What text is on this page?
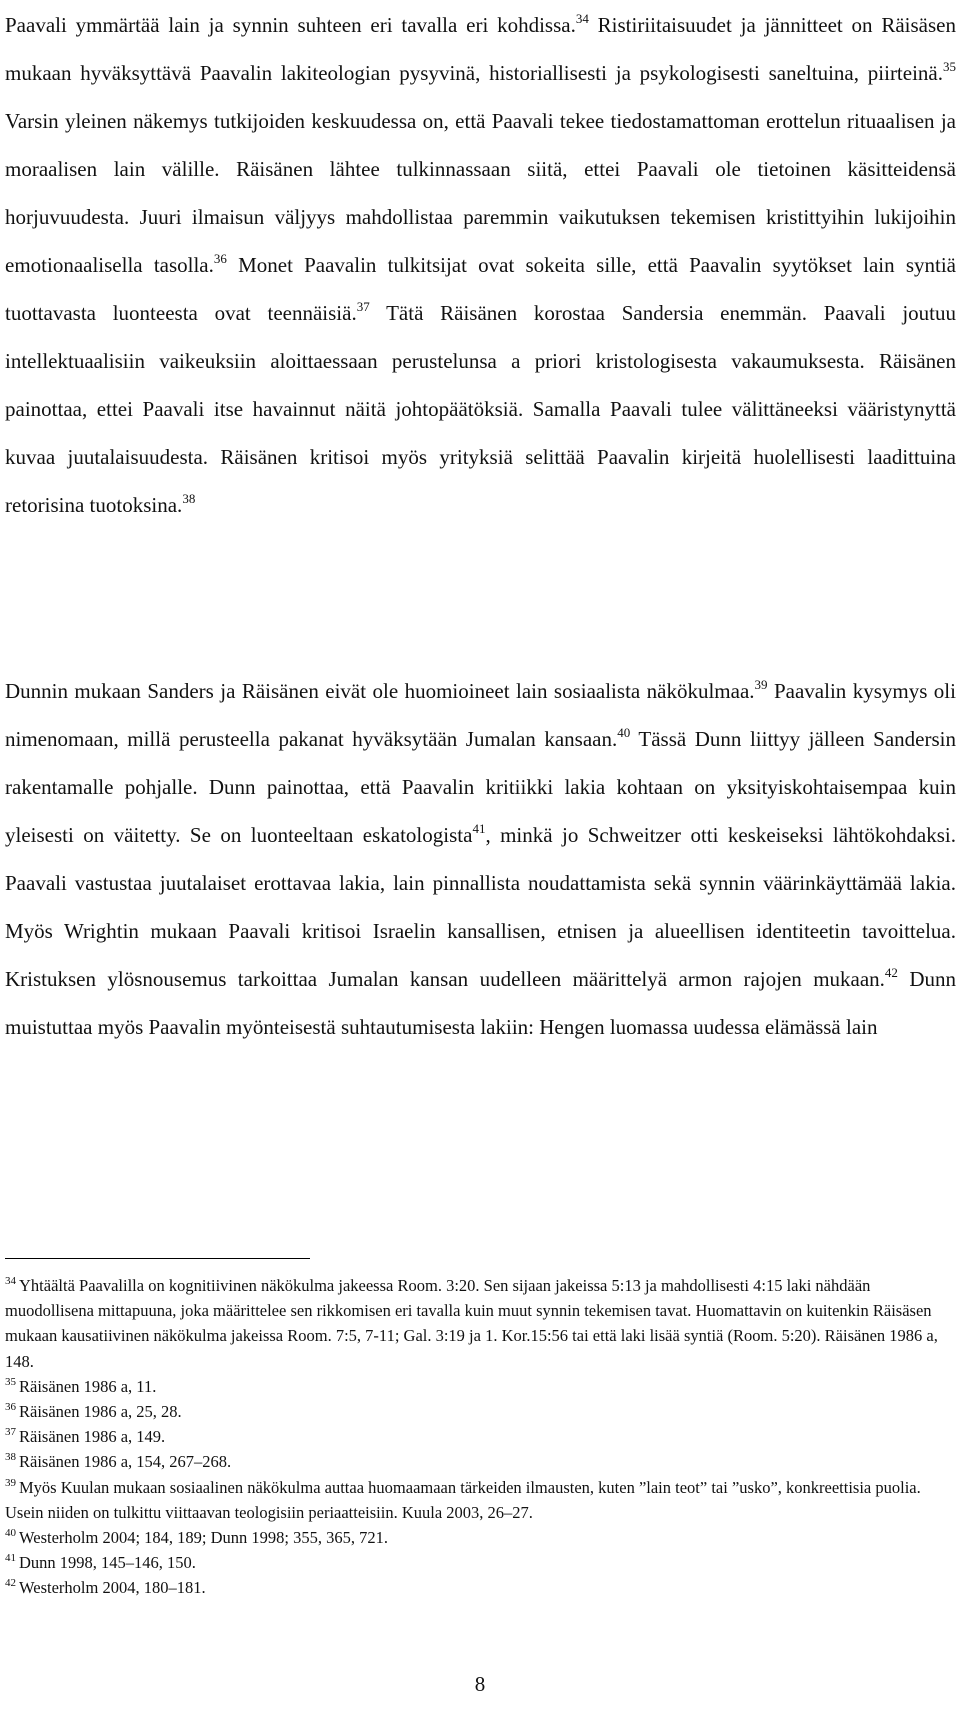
Paavali ymmärtää lain ja synnin suhteen eri tavalla eri kohdissa.$^{34}$ Ristiriitaisuudet ja jännitteet on Räisäsen mukaan hyväksyttävä Paavalin lakiteologian pysyvinä, historiallisesti ja psykologisesti saneltuina, piirteinä.$^{35}$ Varsin yleinen näkemys tutkijoiden keskuudessa on, että Paavali tekee tiedostamattoman erottelun rituaalisen ja moraalisen lain välille. Räisänen lähtee tulkinnassaan siitä, ettei Paavali ole tietoinen käsitteidensä horjuvuudesta. Juuri ilmaisun väljyys mahdollistaa paremmin vaikutuksen tekemisen kristittyihin lukijoihin emotionaalisella tasolla.$^{36}$ Monet Paavalin tulkitsijat ovat sokeita sille, että Paavalin syytökset lain syntiä tuottavasta luonteesta ovat teennäisiä.$^{37}$ Tätä Räisänen korostaa Sandersia enemmän. Paavali joutuu intellektuaalisiin vaikeuksiin aloittaessaan perustelunsa a priori kristologisesta vakaumuksesta. Räisänen painottaa, ettei Paavali itse havainnut näitä johtopäätöksiä. Samalla Paavali tulee välittäneeksi vääristynyttä kuvaa juutalaisuudesta. Räisänen kritisoi myös yrityksiä selittää Paavalin kirjeitä huolellisesti laadittuina retorisina tuotoksina.$^{38}$

Dunnin mukaan Sanders ja Räisänen eivät ole huomioineet lain sosiaalista näkökulmaa.$^{39}$ Paavalin kysymys oli nimenomaan, millä perusteella pakanat hyväksytään Jumalan kansaan.$^{40}$ Tässä Dunn liittyy jälleen Sandersin rakentamalle pohjalle. Dunn painottaa, että Paavalin kritiikki lakia kohtaan on yksityiskohtaisempaa kuin yleisesti on väitetty. Se on luonteeltaan eskatologista$^{41}$, minkä jo Schweitzer otti keskeiseksi lähtökohdaksi. Paavali vastustaa juutalaiset erottavaa lakia, lain pinnallista noudattamista sekä synnin väärinkäyttämää lakia. Myös Wrightin mukaan Paavali kritisoi Israelin kansallisen, etnisen ja alueellisen identiteetin tavoittelua. Kristuksen ylösnousemus tarkoittaa Jumalan kansan uudelleen määrittelyä armon rajojen mukaan.$^{42}$ Dunn muistuttaa myös Paavalin myönteisestä suhtautumisesta lakiin: Hengen luomassa uudessa elämässä lain

$^{34}$ Yhtäältä Paavalilla on kognitiivinen näkökulma jakeessa Room. 3:20. Sen sijaan jakeissa 5:13 ja mahdollisesti 4:15 laki nähdään muodollisena mittapuuna, joka määrittelee sen rikkomisen eri tavalla kuin muut synnin tekemisen tavat. Huomattavin on kuitenkin Räisäsen mukaan kausatiivinen näkökulma jakeissa Room. 7:5, 7-11; Gal. 3:19 ja 1. Kor.15:56 tai että laki lisää syntiä (Room. 5:20). Räisänen 1986 a, 148.

$^{35}$ Räisänen 1986 a, 11.

$^{36}$ Räisänen 1986 a, 25, 28.

$^{37}$ Räisänen 1986 a, 149.

$^{38}$ Räisänen 1986 a, 154, 267–268.

$^{39}$ Myös Kuulan mukaan sosiaalinen näkökulma auttaa huomaamaan tärkeiden ilmausten, kuten ”lain teot” tai ”usko”, konkreettisia puolia. Usein niiden on tulkittu viittaavan teologisiin periaatteisiin. Kuula 2003, 26–27.

$^{40}$ Westerholm 2004; 184, 189; Dunn 1998; 355, 365, 721.

$^{41}$ Dunn 1998, 145–146, 150.

$^{42}$ Westerholm 2004, 180–181.

8
